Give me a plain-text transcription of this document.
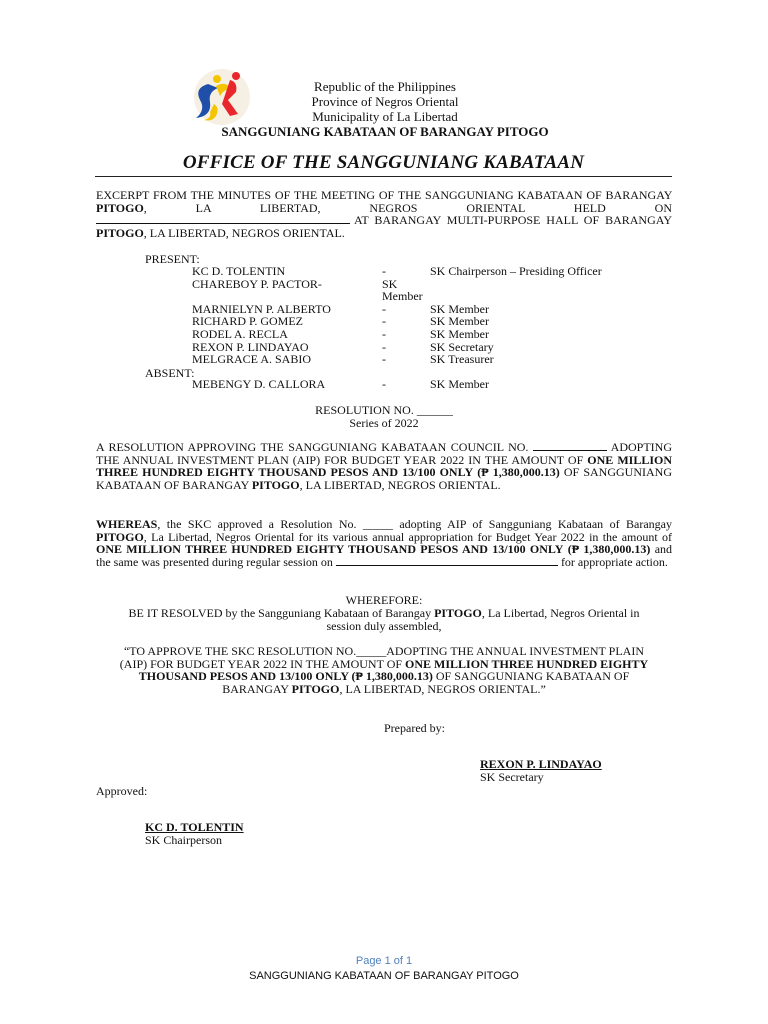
Republic of the Philippines
Province of Negros Oriental
Municipality of La Libertad
SANGGUNIANG KABATAAN OF BARANGAY PITOGO
OFFICE OF THE SANGGUNIANG KABATAAN
EXCERPT FROM THE MINUTES OF THE MEETING OF THE SANGGUNIANG KABATAAN OF BARANGAY PITOGO, LA LIBERTAD, NEGROS ORIENTAL HELD ON
AT BARANGAY MULTI-PURPOSE HALL OF BARANGAY
PITOGO, LA LIBERTAD, NEGROS ORIENTAL.
PRESENT:
KC D. TOLENTIN	-	SK Chairperson – Presiding Officer
CHAREBOY P. PACTOR-	SK Member	
MARNIELYN P. ALBERTO	-	SK Member
RICHARD P. GOMEZ	-	SK Member
RODEL A. RECLA	-	SK Member
REXON P. LINDAYAO	-	SK Secretary
MELGRACE A. SABIO	-	SK Treasurer
ABSENT:
MEBENGY D. CALLORA	-	SK Member
RESOLUTION NO. ______
Series of 2022
A RESOLUTION APPROVING THE SANGGUNIANG KABATAAN COUNCIL NO.	ADOPTING THE ANNUAL INVESTMENT PLAN (AIP) FOR BUDGET YEAR 2022 IN THE AMOUNT OF ONE MILLION THREE HUNDRED EIGHTY THOUSAND PESOS AND 13/100 ONLY (₱ 1,380,000.13) OF SANGGUNIANG KABATAAN OF BARANGAY PITOGO, LA LIBERTAD, NEGROS ORIENTAL.
WHEREAS, the SKC approved a Resolution No. _____ adopting AIP of Sangguniang Kabataan of Barangay PITOGO, La Libertad, Negros Oriental for its various annual appropriation for Budget Year 2022 in the amount of ONE MILLION THREE HUNDRED EIGHTY THOUSAND PESOS AND 13/100 ONLY (₱ 1,380,000.13) and the same was presented during regular session on	for appropriate action.
WHEREFORE:
BE IT RESOLVED by the Sangguniang Kabataan of Barangay PITOGO, La Libertad, Negros Oriental in
session duly assembled,
“TO APPROVE THE SKC RESOLUTION NO._____ADOPTING THE ANNUAL INVESTMENT PLAIN (AIP) FOR BUDGET YEAR 2022 IN THE AMOUNT OF ONE MILLION THREE HUNDRED EIGHTY THOUSAND PESOS AND 13/100 ONLY (₱ 1,380,000.13) OF SANGGUNIANG KABATAAN OF BARANGAY PITOGO, LA LIBERTAD, NEGROS ORIENTAL.”
Prepared by:
REXON P. LINDAYAO
SK Secretary
Approved:
KC D. TOLENTIN
SK Chairperson
Page 1 of 1
SANGGUNIANG KABATAAN OF BARANGAY PITOGO
